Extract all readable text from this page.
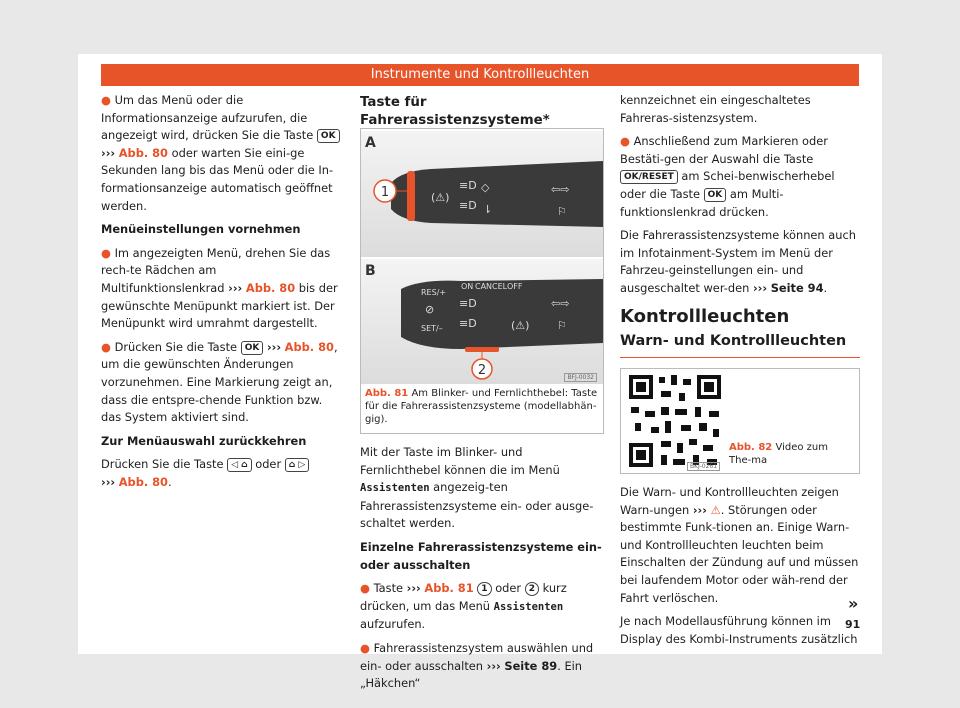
Instrumente und Kontrollleuchten

● Um das Menü oder die Informationsanzeige aufzurufen, die angezeigt wird, drücken Sie die Taste OK ››› Abb. 80 oder warten Sie eini-ge Sekunden lang bis das Menü oder die In-formationsanzeige automatisch geöffnet werden.

Menüeinstellungen vornehmen

● Im angezeigten Menü, drehen Sie das rech-te Rädchen am Multifunktionslenkrad ››› Abb. 80 bis der gewünschte Menüpunkt markiert ist. Der Menüpunkt wird umrahmt dargestellt.

● Drücken Sie die Taste OK ››› Abb. 80, um die gewünschten Änderungen vorzunehmen. Eine Markierung zeigt an, dass die entspre-chende Funktion bzw. das System aktiviert sind.

Zur Menüauswahl zurückkehren

Drücken Sie die Taste ◁ ⌂ oder ⌂ ▷
››› Abb. 80.

Taste für Fahrerassistenzsysteme*
A
1	(⚠)
≡D
≡D
◇
⇂
⇦⇨
⚐
B
RES/+
SET/–
ON CANCEL OFF
⊘ ≡D
≡D	(⚠)
⇦⇨
⚐
2	BFJ-0032
Abb. 81 Am Blinker- und Fernlichthebel: Taste für die Fahrerassistenzsysteme (modellabhän-gig).

Mit der Taste im Blinker- und Fernlichthebel können die im Menü Assistenten angezeig-ten Fahrerassistenzsysteme ein- oder ausge-schaltet werden.

Einzelne Fahrerassistenzsysteme ein- oder ausschalten

● Taste ››› Abb. 81 1 oder 2 kurz drücken, um das Menü Assistenten aufzurufen.

● Fahrerassistenzsystem auswählen und ein- oder ausschalten ››› Seite 89. Ein „Häkchen“

kennzeichnet ein eingeschaltetes Fahreras-sistenzsystem.

● Anschließend zum Markieren oder Bestäti-gen der Auswahl die Taste OK/RESET am Schei-benwischerhebel oder die Taste OK am Multi-funktionslenkrad drücken.

Die Fahrerassistenzsysteme können auch im Infotainment-System im Menü der Fahrzeu-geinstellungen ein- und ausgeschaltet wer-den ››› Seite 94.

Kontrollleuchten
Warn- und Kontrollleuchten
BKJ-0261
Abb. 82 Video zum The-ma

Die Warn- und Kontrollleuchten zeigen Warn-ungen ››› ⚠. Störungen oder bestimmte Funk-tionen an. Einige Warn- und Kontrollleuchten leuchten beim Einschalten der Zündung auf und müssen bei laufendem Motor oder wäh-rend der Fahrt verlöschen.

Je nach Modellausführung können im Display des Kombi-Instruments zusätzlich

»
91
